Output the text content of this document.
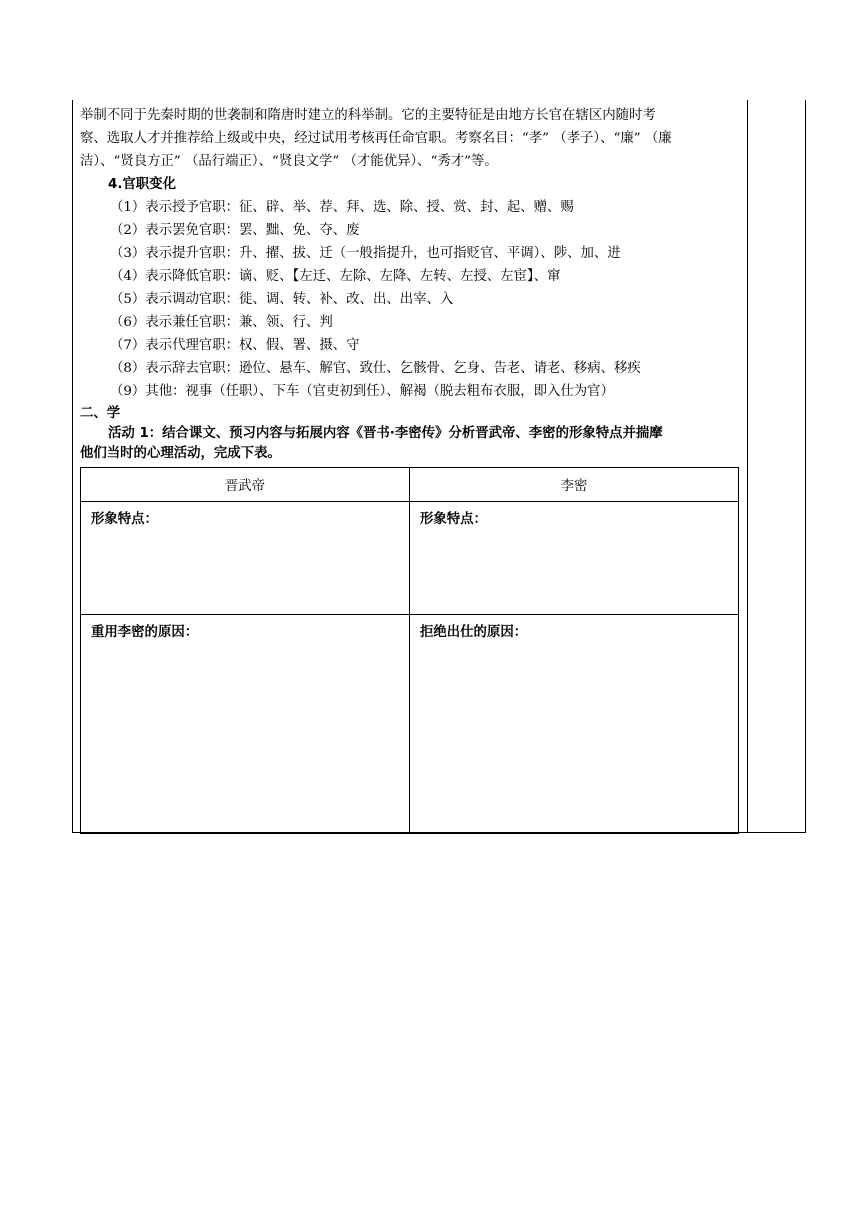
举制不同于先秦时期的世袭制和隋唐时建立的科举制。它的主要特征是由地方长官在辖区内随时考

察、选取人才并推荐给上级或中央，经过试用考核再任命官职。考察名目：“孝” （孝子）、“廉” （廉

洁）、“贤良方正” （品行端正）、“贤良文学” （才能优异）、“秀才”等。

4.官职变化

（1）表示授予官职：征、辟、举、荐、拜、选、除、授、赏、封、起、赠、赐

（2）表示罢免官职：罢、黜、免、夺、废

（3）表示提升官职：升、擢、拔、迁（一般指提升，也可指贬官、平调）、陟、加、进

（4）表示降低官职：谪、贬、【左迁、左除、左降、左转、左授、左宦】、窜

（5）表示调动官职：徙、调、转、补、改、出、出宰、入

（6）表示兼任官职：兼、领、行、判

（7）表示代理官职：权、假、署、摄、守

（8）表示辞去官职：逊位、悬车、解官、致仕、乞骸骨、乞身、告老、请老、移病、移疾

（9）其他：视事（任职）、下车（官吏初到任）、解褐（脱去粗布衣服，即入仕为官）

二、学

活动 1：结合课文、预习内容与拓展内容《晋书·李密传》分析晋武帝、李密的形象特点并揣摩

他们当时的心理活动，完成下表。

晋武帝	李密
形象特点：	形象特点：
重用李密的原因：	拒绝出仕的原因：
